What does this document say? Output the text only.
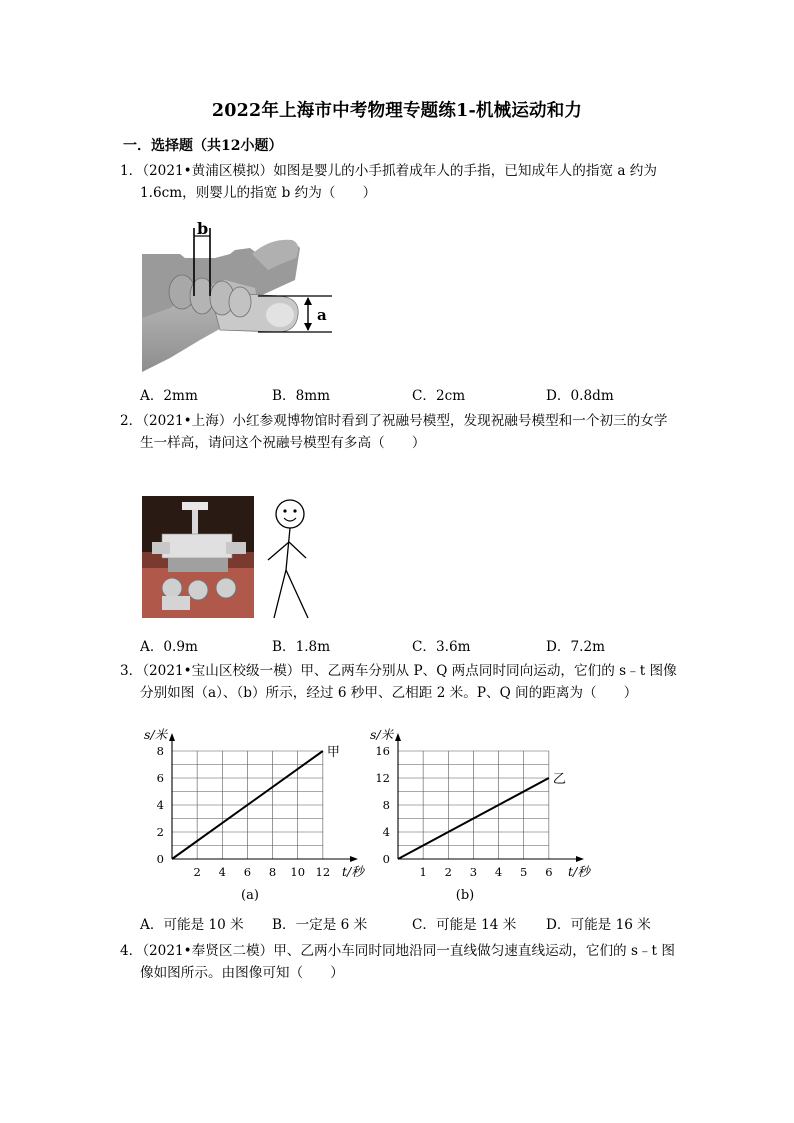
2022年上海市中考物理专题练1-机械运动和力
一．选择题（共12小题）
1．（2021•黄浦区模拟）如图是婴儿的小手抓着成年人的手指，已知成年人的指宽 a 约为
1.6cm，则婴儿的指宽 b 约为（　　）
b
a
A．2mm	B．8mm	C．2cm	D．0.8dm
2．（2021•上海）小红参观博物馆时看到了祝融号模型，发现祝融号模型和一个初三的女学
生一样高，请问这个祝融号模型有多高（　　）
A．0.9m	B．1.8m	C．3.6m	D．7.2m
3．（2021•宝山区校级一模）甲、乙两车分别从 P、Q 两点同时同向运动，它们的 s﹣t 图像
分别如图（a）、（b）所示，经过 6 秒甲、乙相距 2 米。P、Q 间的距离为（　　）
0
2
4
6
8
2 4 6 8 10 12
s/米
t/秒
甲
(a)
0
4
8
12
16
1 2 3 4 5 6
s/米
t/秒
乙
(b)
A．可能是 10 米 B．一定是 6 米	C．可能是 14 米 D．可能是 16 米
4．（2021•奉贤区二模）甲、乙两小车同时同地沿同一直线做匀速直线运动，它们的 s﹣t 图
像如图所示。由图像可知（　　）
